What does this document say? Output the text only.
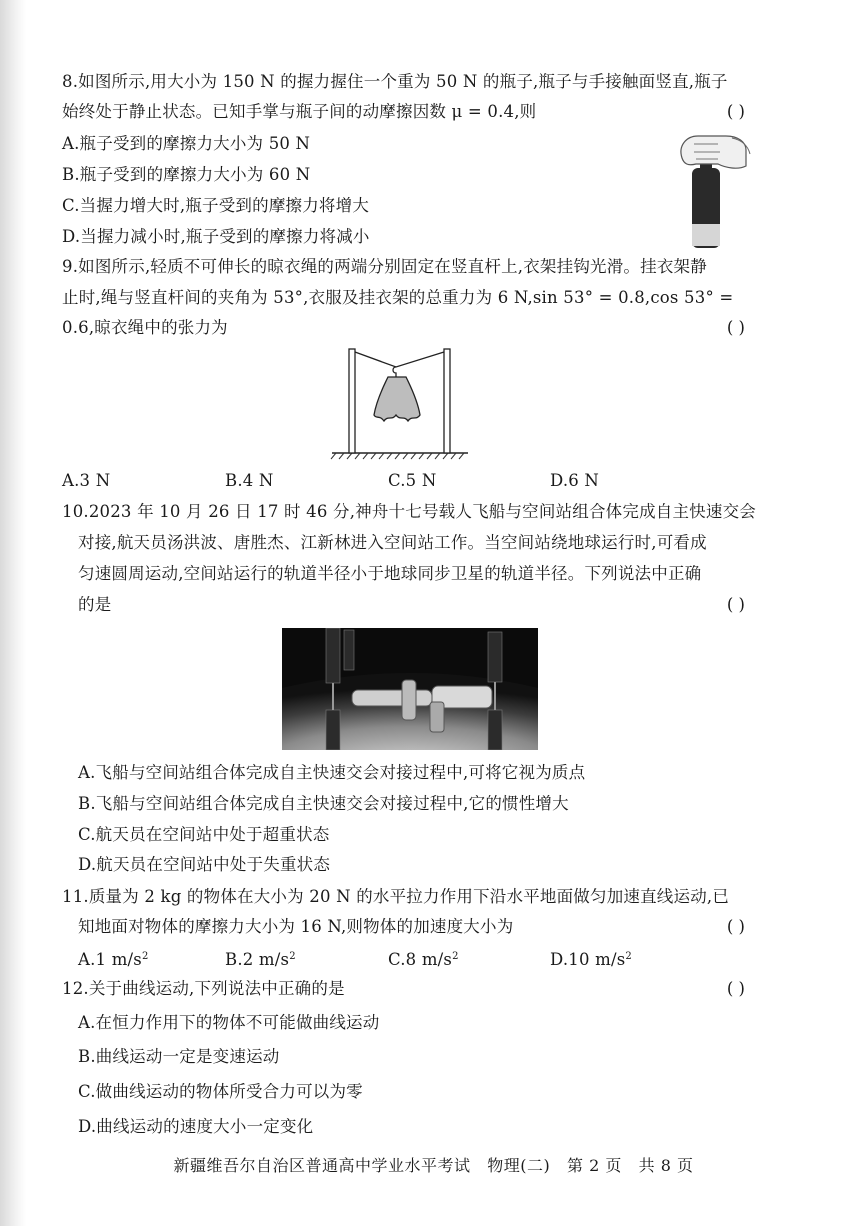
8.如图所示,用大小为 150 N 的握力握住一个重为 50 N 的瓶子,瓶子与手接触面竖直,瓶子
始终处于静止状态。已知手掌与瓶子间的动摩擦因数 μ = 0.4,则	( )
A.瓶子受到的摩擦力大小为 50 N
B.瓶子受到的摩擦力大小为 60 N
C.当握力增大时,瓶子受到的摩擦力将增大
D.当握力减小时,瓶子受到的摩擦力将减小
9.如图所示,轻质不可伸长的晾衣绳的两端分别固定在竖直杆上,衣架挂钩光滑。挂衣架静
止时,绳与竖直杆间的夹角为 53°,衣服及挂衣架的总重力为 6 N,sin 53° = 0.8,cos 53° =
0.6,晾衣绳中的张力为	( )
A.3 N	B.4 N	C.5 N	D.6 N
10.2023 年 10 月 26 日 17 时 46 分,神舟十七号载人飞船与空间站组合体完成自主快速交会
对接,航天员汤洪波、唐胜杰、江新林进入空间站工作。当空间站绕地球运行时,可看成
匀速圆周运动,空间站运行的轨道半径小于地球同步卫星的轨道半径。下列说法中正确
的是	( )
A.飞船与空间站组合体完成自主快速交会对接过程中,可将它视为质点
B.飞船与空间站组合体完成自主快速交会对接过程中,它的惯性增大
C.航天员在空间站中处于超重状态
D.航天员在空间站中处于失重状态
11.质量为 2 kg 的物体在大小为 20 N 的水平拉力作用下沿水平地面做匀加速直线运动,已
知地面对物体的摩擦力大小为 16 N,则物体的加速度大小为	( )
A.1 $m/s^2$	B.2 $m/s^2$	C.8 $m/s^2$	D.10 $m/s^2$
12.关于曲线运动,下列说法中正确的是	( )
A.在恒力作用下的物体不可能做曲线运动
B.曲线运动一定是变速运动
C.做曲线运动的物体所受合力可以为零
D.曲线运动的速度大小一定变化
新疆维吾尔自治区普通高中学业水平考试   物理(二)   第 2 页   共 8 页
